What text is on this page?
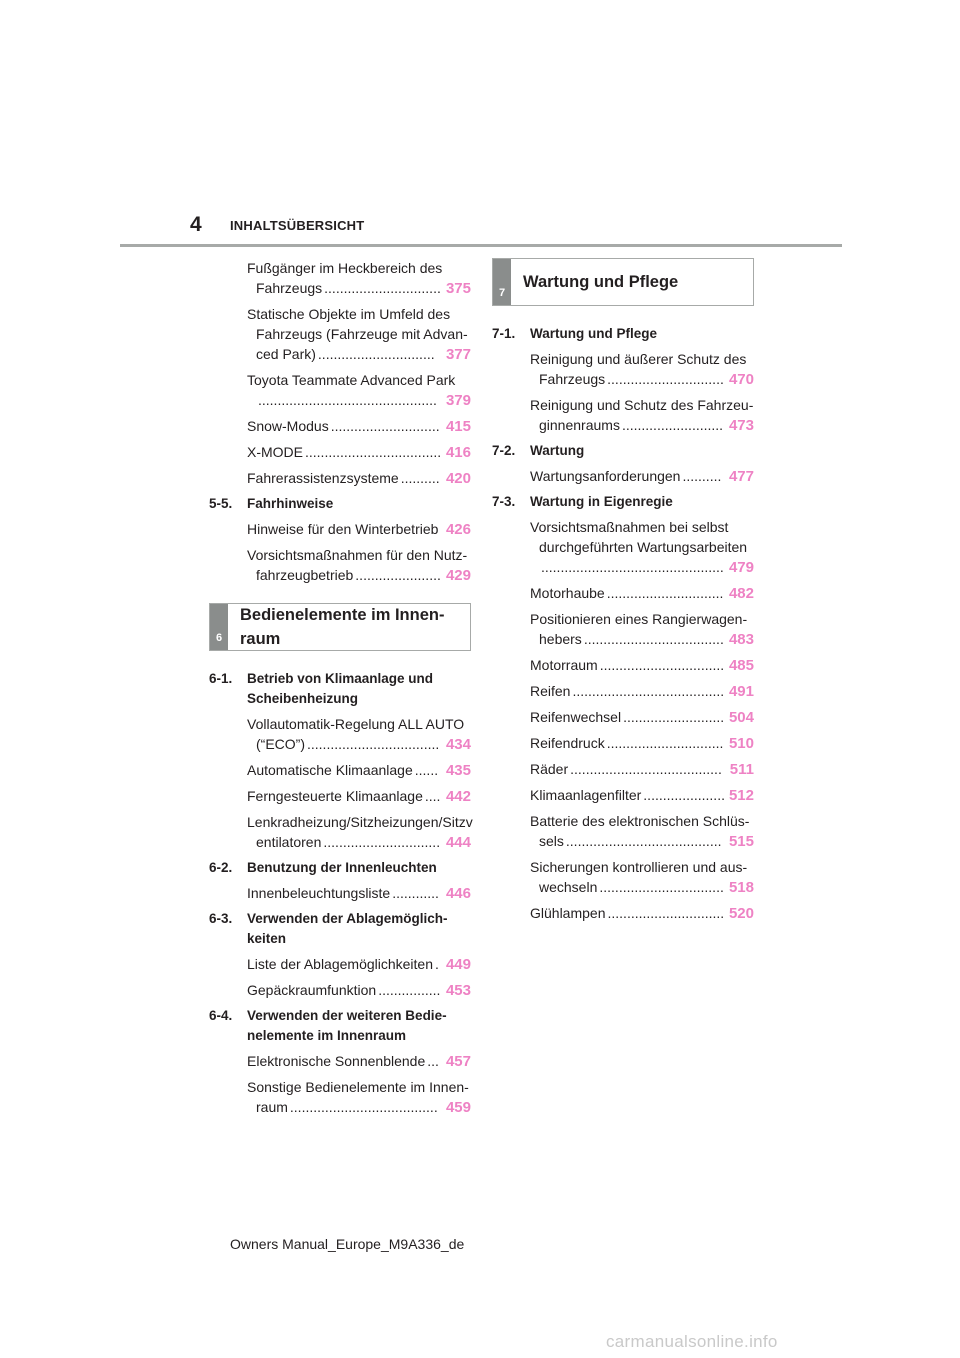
4 INHALTSÜBERSICHT
Fußgänger im Heckbereich des
Fahrzeugs .............................. 375
Statische Objekte im Umfeld des
Fahrzeugs (Fahrzeuge mit Advan-
ced Park) .............................. 377
Toyota Teammate Advanced Park
.............................................. 379
Snow-Modus ............................ 415
X-MODE ................................... 416
Fahrerassistenzsysteme .......... 420
5-5. Fahrhinweise
Hinweise für den Winterbetrieb 426
Vorsichtsmaßnahmen für den Nutz-
fahrzeugbetrieb ...................... 429
6
Bedienelemente im Innen-
raum
6-1. Betrieb von Klimaanlage und
Scheibenheizung
Vollautomatik-Regelung ALL AUTO
(“ECO”) .................................. 434
Automatische Klimaanlage ...... 435
Ferngesteuerte Klimaanlage .... 442
Lenkradheizung/Sitzheizungen/Sitzv
entilatoren .............................. 444
6-2. Benutzung der Innenleuchten
Innenbeleuchtungsliste ............ 446
6-3. Verwenden der Ablagemöglich-
keiten
Liste der Ablagemöglichkeiten . 449
Gepäckraumfunktion ................ 453
6-4. Verwenden der weiteren Bedie-
nelemente im Innenraum
Elektronische Sonnenblende ... 457
Sonstige Bedienelemente im Innen-
raum ...................................... 459
7
Wartung und Pflege
7-1. Wartung und Pflege
Reinigung und äußerer Schutz des
Fahrzeugs .............................. 470
Reinigung und Schutz des Fahrzeu-
ginnenraums .......................... 473
7-2. Wartung
Wartungsanforderungen .......... 477
7-3. Wartung in Eigenregie
Vorsichtsmaßnahmen bei selbst
durchgeführten Wartungsarbeiten
............................................... 479
Motorhaube .............................. 482
Positionieren eines Rangierwagen-
hebers .................................... 483
Motorraum ................................ 485
Reifen ....................................... 491
Reifenwechsel .......................... 504
Reifendruck .............................. 510
Räder ....................................... 511
Klimaanlagenfilter ..................... 512
Batterie des elektronischen Schlüs-
sels ........................................ 515
Sicherungen kontrollieren und aus-
wechseln ................................ 518
Glühlampen .............................. 520
Owners Manual_Europe_M9A336_de
carmanualsonline.info
